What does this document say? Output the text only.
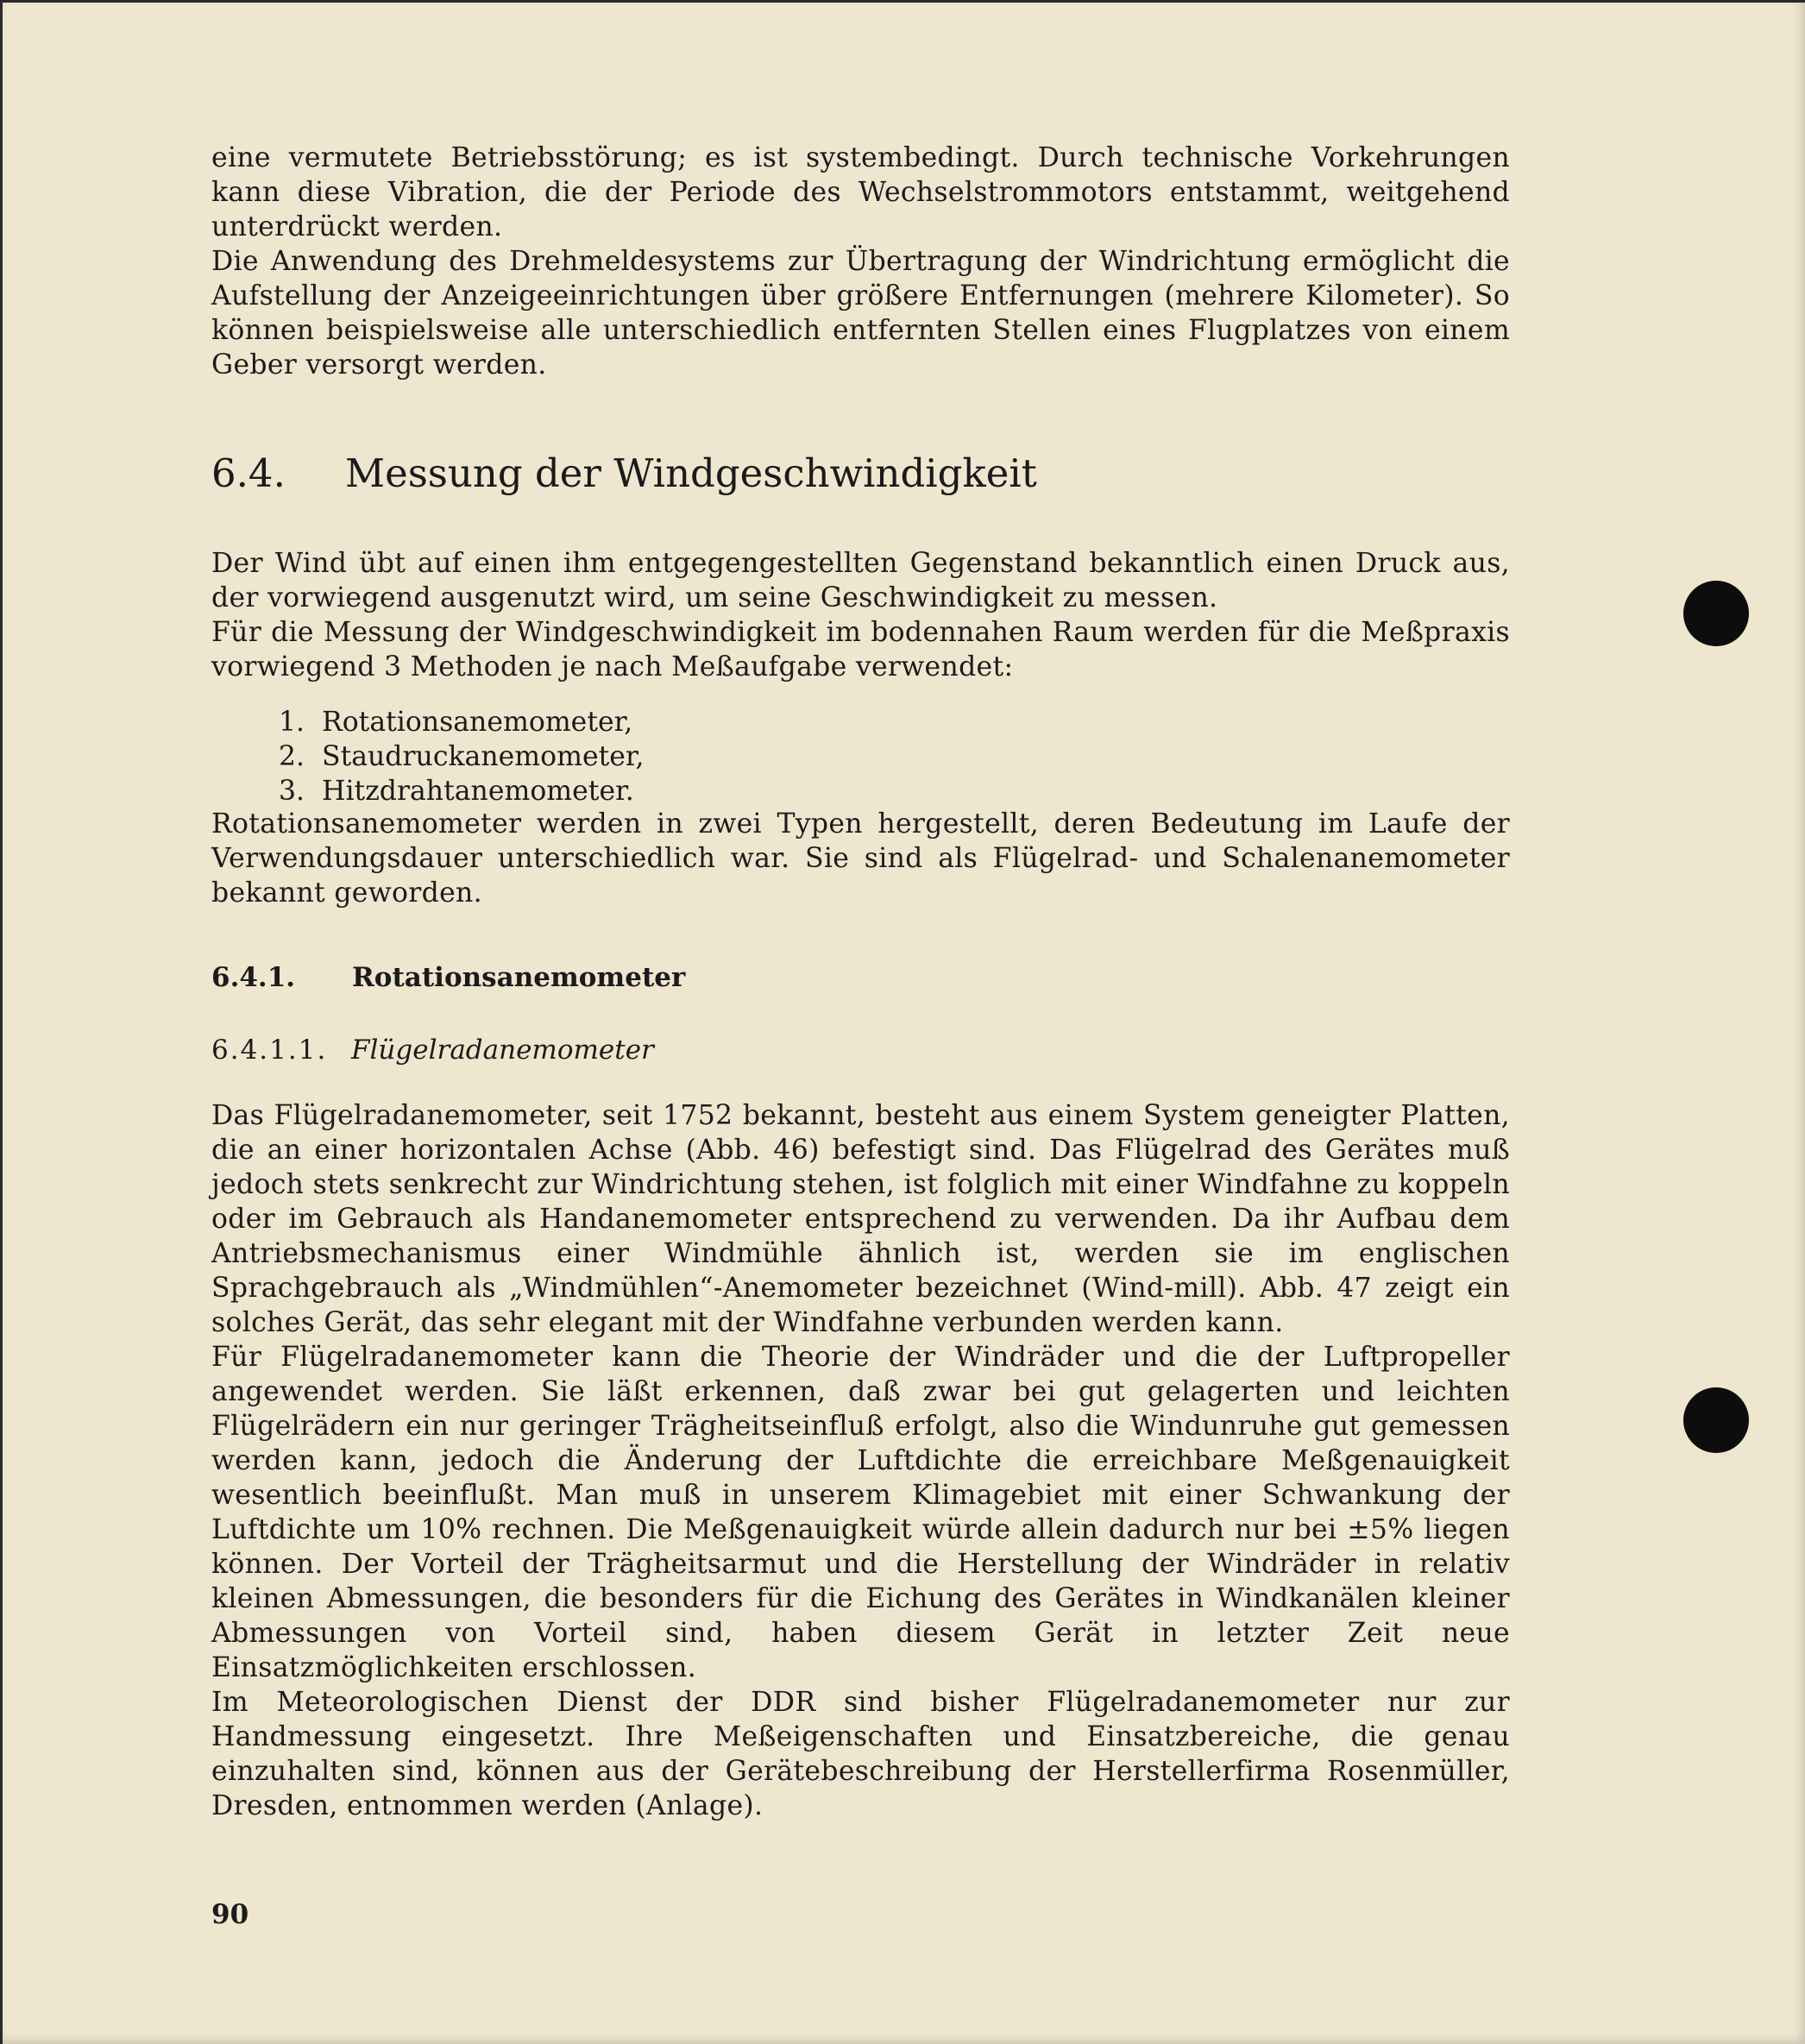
eine vermutete Betriebsstörung; es ist systembedingt. Durch technische Vorkehrungen kann diese Vibration, die der Periode des Wechselstrommotors entstammt, weitgehend unterdrückt werden.

Die Anwendung des Drehmeldesystems zur Übertragung der Windrichtung ermöglicht die Aufstellung der Anzeigeeinrichtungen über größere Entfernungen (mehrere Kilometer). So können beispielsweise alle unterschiedlich entfernten Stellen eines Flugplatzes von einem Geber versorgt werden.

6.4. Messung der Windgeschwindigkeit

Der Wind übt auf einen ihm entgegengestellten Gegenstand bekanntlich einen Druck aus, der vorwiegend ausgenutzt wird, um seine Geschwindigkeit zu messen.

Für die Messung der Windgeschwindigkeit im bodennahen Raum werden für die Meßpraxis vorwiegend 3 Methoden je nach Meßaufgabe verwendet:

1. Rotationsanemometer,
2. Staudruckanemometer,
3. Hitzdrahtanemometer.

Rotationsanemometer werden in zwei Typen hergestellt, deren Bedeutung im Laufe der Verwendungsdauer unterschiedlich war. Sie sind als Flügelrad- und Schalenanemometer bekannt geworden.

6.4.1. Rotationsanemometer
6.4.1.1. Flügelradanemometer

Das Flügelradanemometer, seit 1752 bekannt, besteht aus einem System geneigter Platten, die an einer horizontalen Achse (Abb. 46) befestigt sind. Das Flügelrad des Gerätes muß jedoch stets senkrecht zur Windrichtung stehen, ist folglich mit einer Windfahne zu koppeln oder im Gebrauch als Handanemometer entsprechend zu verwenden. Da ihr Aufbau dem Antriebsmechanismus einer Windmühle ähnlich ist, werden sie im englischen Sprachgebrauch als „Windmühlen“-Anemometer bezeichnet (Wind-mill). Abb. 47 zeigt ein solches Gerät, das sehr elegant mit der Windfahne verbunden werden kann.

Für Flügelradanemometer kann die Theorie der Windräder und die der Luftpropeller angewendet werden. Sie läßt erkennen, daß zwar bei gut gelagerten und leichten Flügelrädern ein nur geringer Trägheitseinfluß erfolgt, also die Windunruhe gut gemessen werden kann, jedoch die Änderung der Luftdichte die erreichbare Meßgenauigkeit wesentlich beeinflußt. Man muß in unserem Klimagebiet mit einer Schwankung der Luftdichte um 10% rechnen. Die Meßgenauigkeit würde allein dadurch nur bei ±5% liegen können. Der Vorteil der Trägheitsarmut und die Herstellung der Windräder in relativ kleinen Abmessungen, die besonders für die Eichung des Gerätes in Windkanälen kleiner Abmessungen von Vorteil sind, haben diesem Gerät in letzter Zeit neue Einsatzmöglichkeiten erschlossen.

Im Meteorologischen Dienst der DDR sind bisher Flügelradanemometer nur zur Handmessung eingesetzt. Ihre Meßeigenschaften und Einsatzbereiche, die genau einzuhalten sind, können aus der Gerätebeschreibung der Herstellerfirma Rosenmüller, Dresden, entnommen werden (Anlage).

90
